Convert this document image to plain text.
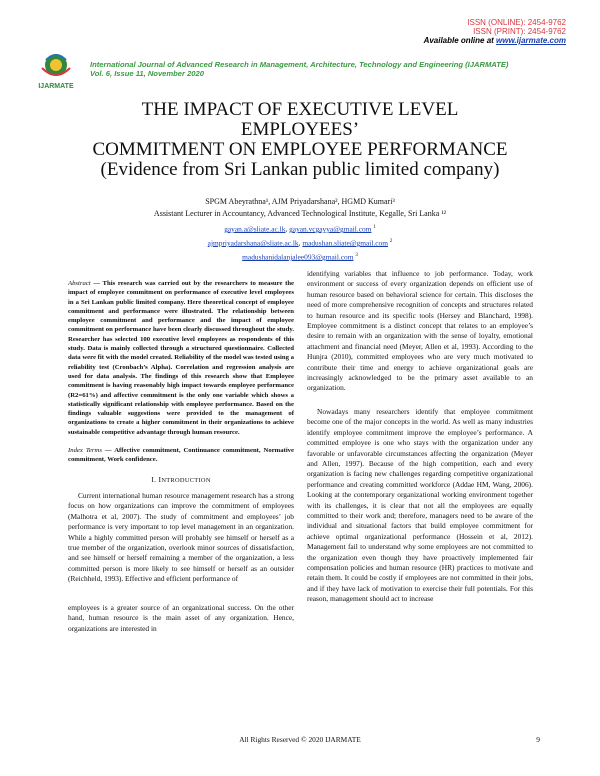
ISSN (ONLINE): 2454-9762
ISSN (PRINT): 2454-9762
Available online at www.ijarmate.com
IJARMATE
International Journal of Advanced Research in Management, Architecture, Technology and Engineering (IJARMATE)
Vol. 6, Issue 11, November 2020
THE IMPACT OF EXECUTIVE LEVEL
EMPLOYEES’
COMMITMENT ON EMPLOYEE PERFORMANCE
(Evidence from Sri Lankan public limited company)
SPGM Abeyrathna¹, AJM Priyadarshana², HGMD Kumari³
Assistant Lecturer in Accountancy, Advanced Technological Institute, Kegalle, Sri Lanka ¹²
gayan.a@sliate.ac.lk, gayan.vcgayya@gmail.com $^1$
ajmpriyadarshana@sliate.ac.lk, madushan.sliate@gmail.com $^2$
madushanidalanjalee093@gmail.com $^3$
Abstract — This research was carried out by the researchers to measure the impact of employee commitment on performance of executive level employees in a Sri Lankan public limited company. Here theoretical concept of employee commitment and performance were illustrated. The relationship between employee commitment and performance and the impact of employee commitment on performance have been clearly discussed throughout the study. Researcher has selected 100 executive level employees as respondents of this study. Data is mainly collected through a structured questionnaire. Collected data were fit with the model created. Reliability of the model was tested using a reliability test (Cronbach’s Alpha). Correlation and regression analysis are used for data analysis. The findings of this research show that Employee commitment is having reasonably high impact towards employee performance (R2=61%) and affective commitment is the only one variable which shows a statistically significant relationship with employee performance. Based on the findings valuable suggestions were provided to the management of organizations to create a higher commitment in their organizations to achieve sustainable competitive advantage through human resource.
Index Terms — Affective commitment, Continuance commitment, Normative commitment, Work confidence.
I. INTRODUCTION

Current international human resource management research has a strong focus on how organizations can improve the commitment of employees (Malhotra et al, 2007). The study of commitment and employees’ job performance is very important to top level management in an organization. While a highly committed person will probably see himself or herself as a true member of the organization, overlook minor sources of dissatisfaction, and see himself or herself remaining a member of the organization, a less committed person is more likely to see himself or herself as an outsider (Reichheld, 1993). Effective and efficient performance of

employees is a greater source of an organizational success. On the other hand, human resource is the main asset of any organization. Hence, organizations are interested in

identifying variables that influence to job performance. Today, work environment or success of every organization depends on efficient use of human resource based on behavioral science for certain. This discloses the need of more comprehensive recognition of concepts and structures related to human resource and its specific tools (Hersey and Blanchard, 1998). Employee commitment is a distinct concept that relates to an employee’s desire to remain with an organization with the sense of loyalty, emotional attachment and financial need (Meyer, Allen et al, 1993). According to the Hunjra (2010), committed employees who are very much motivated to contribute their time and energy to achieve organizational goals are increasingly acknowledged to be the primary asset available to an organization.

Nowadays many researchers identify that employee commitment become one of the major concepts in the world. As well as many industries identify employee commitment improve the employee’s performance. A committed employee is one who stays with the organization under any favorable or unfavorable circumstances affecting the organization (Meyer and Allen, 1997). Because of the high competition, each and every organization is facing new challenges regarding competitive organizational performance and creating committed workforce (Addae HM, Wang, 2006). Looking at the contemporary organizational working environment together with its challenges, it is clear that not all the employees are equally committed to their work and; therefore, managers need to be aware of the individual and situational factors that build employee commitment for achieve optimal organizational performance (Hossein et al, 2012). Management fail to understand why some employees are not committed to the organization even though they have proactively implemented fair compensation policies and human resource (HR) practices to motivate and retain them. It could be costly if employees are not committed in their jobs, and if they have lack of motivation to exercise their full potentials. For this reason, management should act to increase

All Rights Reserved © 2020 IJARMATE	9
